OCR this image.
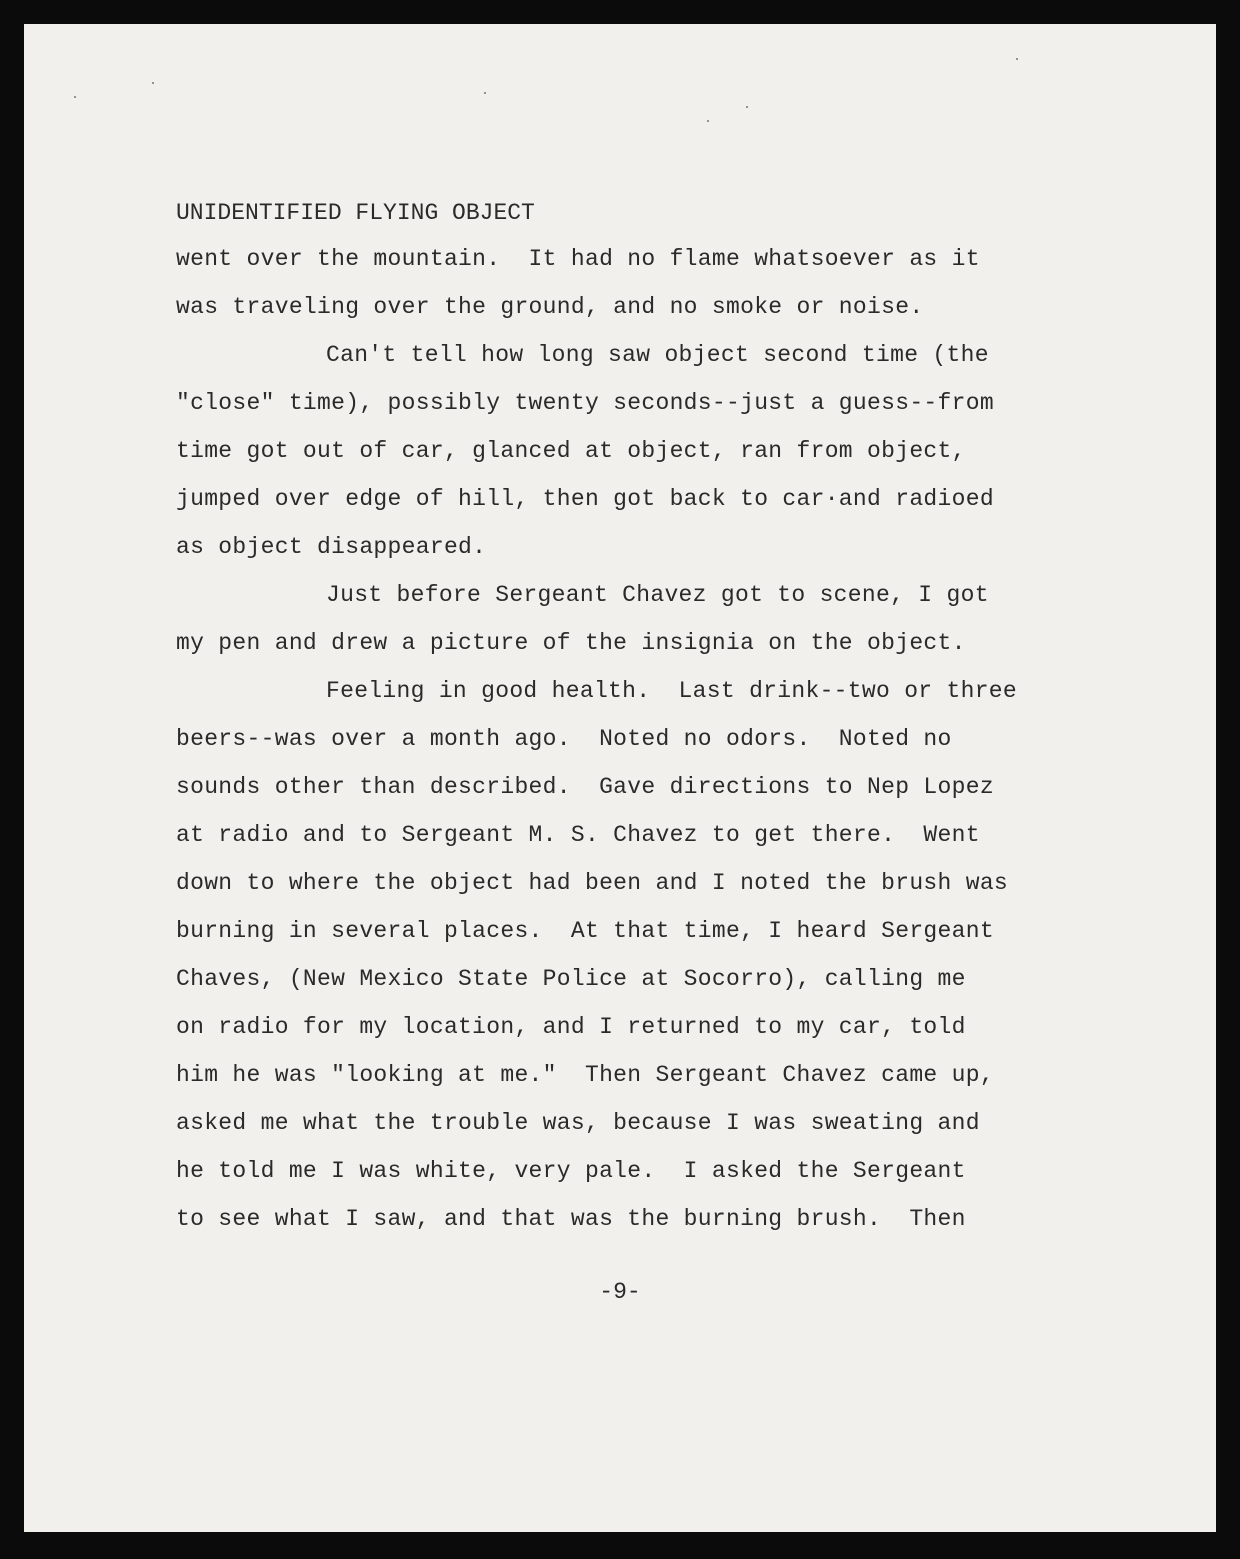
UNIDENTIFIED FLYING OBJECT
went over the mountain.  It had no flame whatsoever as it
was traveling over the ground, and no smoke or noise.
Can't tell how long saw object second time (the
"close" time), possibly twenty seconds--just a guess--from
time got out of car, glanced at object, ran from object,
jumped over edge of hill, then got back to car·and radioed
as object disappeared.
Just before Sergeant Chavez got to scene, I got
my pen and drew a picture of the insignia on the object.
Feeling in good health.  Last drink--two or three
beers--was over a month ago.  Noted no odors.  Noted no
sounds other than described.  Gave directions to Nep Lopez
at radio and to Sergeant M. S. Chavez to get there.  Went
down to where the object had been and I noted the brush was
burning in several places.  At that time, I heard Sergeant
Chaves, (New Mexico State Police at Socorro), calling me
on radio for my location, and I returned to my car, told
him he was "looking at me."  Then Sergeant Chavez came up,
asked me what the trouble was, because I was sweating and
he told me I was white, very pale.  I asked the Sergeant
to see what I saw, and that was the burning brush.  Then
-9-
